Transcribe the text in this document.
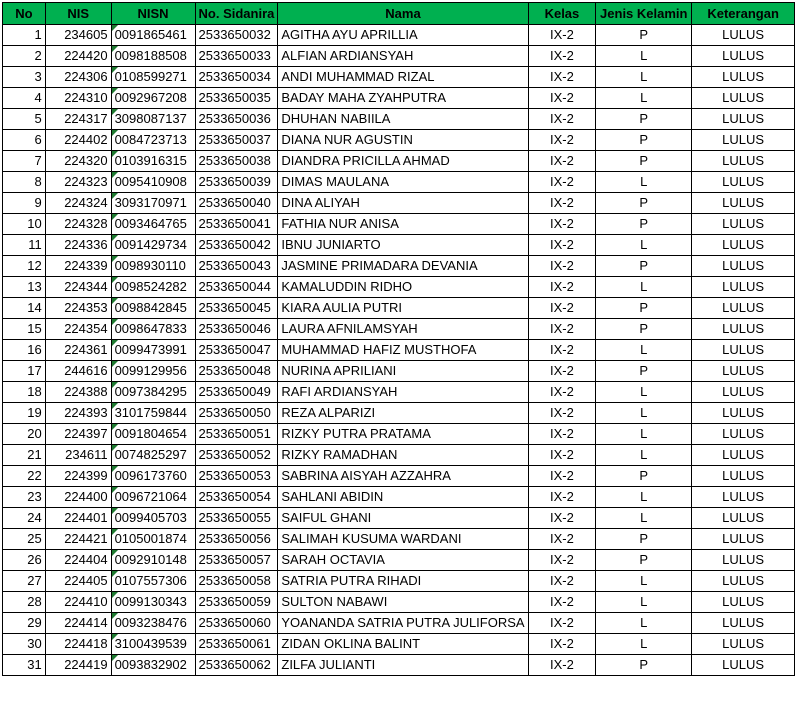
No	NIS	NISN	No. Sidanira	Nama	Kelas	Jenis Kelamin	Keterangan
1	234605	0091865461	2533650032	AGITHA AYU APRILLIA	IX-2	P	LULUS
2	224420	0098188508	2533650033	ALFIAN ARDIANSYAH	IX-2	L	LULUS
3	224306	0108599271	2533650034	ANDI MUHAMMAD RIZAL	IX-2	L	LULUS
4	224310	0092967208	2533650035	BADAY MAHA ZYAHPUTRA	IX-2	L	LULUS
5	224317	3098087137	2533650036	DHUHAN NABIILA	IX-2	P	LULUS
6	224402	0084723713	2533650037	DIANA NUR AGUSTIN	IX-2	P	LULUS
7	224320	0103916315	2533650038	DIANDRA PRICILLA AHMAD	IX-2	P	LULUS
8	224323	0095410908	2533650039	DIMAS MAULANA	IX-2	L	LULUS
9	224324	3093170971	2533650040	DINA ALIYAH	IX-2	P	LULUS
10	224328	0093464765	2533650041	FATHIA NUR ANISA	IX-2	P	LULUS
11	224336	0091429734	2533650042	IBNU JUNIARTO	IX-2	L	LULUS
12	224339	0098930110	2533650043	JASMINE PRIMADARA DEVANIA	IX-2	P	LULUS
13	224344	0098524282	2533650044	KAMALUDDIN RIDHO	IX-2	L	LULUS
14	224353	0098842845	2533650045	KIARA AULIA PUTRI	IX-2	P	LULUS
15	224354	0098647833	2533650046	LAURA AFNILAMSYAH	IX-2	P	LULUS
16	224361	0099473991	2533650047	MUHAMMAD HAFIZ MUSTHOFA	IX-2	L	LULUS
17	244616	0099129956	2533650048	NURINA APRILIANI	IX-2	P	LULUS
18	224388	0097384295	2533650049	RAFI ARDIANSYAH	IX-2	L	LULUS
19	224393	3101759844	2533650050	REZA ALPARIZI	IX-2	L	LULUS
20	224397	0091804654	2533650051	RIZKY PUTRA PRATAMA	IX-2	L	LULUS
21	234611	0074825297	2533650052	RIZKY RAMADHAN	IX-2	L	LULUS
22	224399	0096173760	2533650053	SABRINA AISYAH AZZAHRA	IX-2	P	LULUS
23	224400	0096721064	2533650054	SAHLANI ABIDIN	IX-2	L	LULUS
24	224401	0099405703	2533650055	SAIFUL GHANI	IX-2	L	LULUS
25	224421	0105001874	2533650056	SALIMAH KUSUMA WARDANI	IX-2	P	LULUS
26	224404	0092910148	2533650057	SARAH OCTAVIA	IX-2	P	LULUS
27	224405	0107557306	2533650058	SATRIA PUTRA RIHADI	IX-2	L	LULUS
28	224410	0099130343	2533650059	SULTON NABAWI	IX-2	L	LULUS
29	224414	0093238476	2533650060	YOANANDA SATRIA PUTRA JULIFORSA	IX-2	L	LULUS
30	224418	3100439539	2533650061	ZIDAN OKLINA BALINT	IX-2	L	LULUS
31	224419	0093832902	2533650062	ZILFA JULIANTI	IX-2	P	LULUS
